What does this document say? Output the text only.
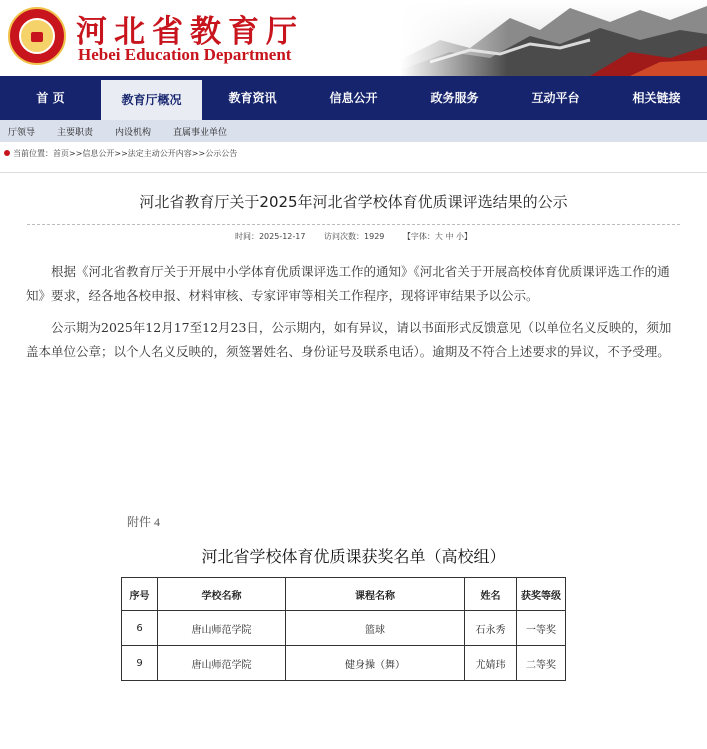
河北省教育厅
Hebei Education Department
首 页	教育厅概况	教育资讯	信息公开	政务服务	互动平台	相关链接
厅领导 主要职责 内设机构 直属事业单位
当前位置：首页>>信息公开>>法定主动公开内容>>公示公告
河北省教育厅关于2025年河北省学校体育优质课评选结果的公示
时间：2025-12-17 访问次数：1929 【字体：大 中 小】
根据《河北省教育厅关于开展中小学体育优质课评选工作的通知》《河北省关于开展高校体育优质课评选工作的通知》要求，经各地各校申报、材料审核、专家评审等相关工作程序，现将评审结果予以公示。
公示期为2025年12月17至12月23日，公示期内，如有异议，请以书面形式反馈意见（以单位名义反映的，须加盖本单位公章；以个人名义反映的，须签署姓名、身份证号及联系电话）。逾期及不符合上述要求的异议，不予受理。
附件 4
河北省学校体育优质课获奖名单（高校组）
序号	学校名称	课程名称	姓名	获奖等级
6	唐山师范学院	篮球	石永秀	一等奖
9	唐山师范学院	健身操（舞）	尤婧玮	二等奖
